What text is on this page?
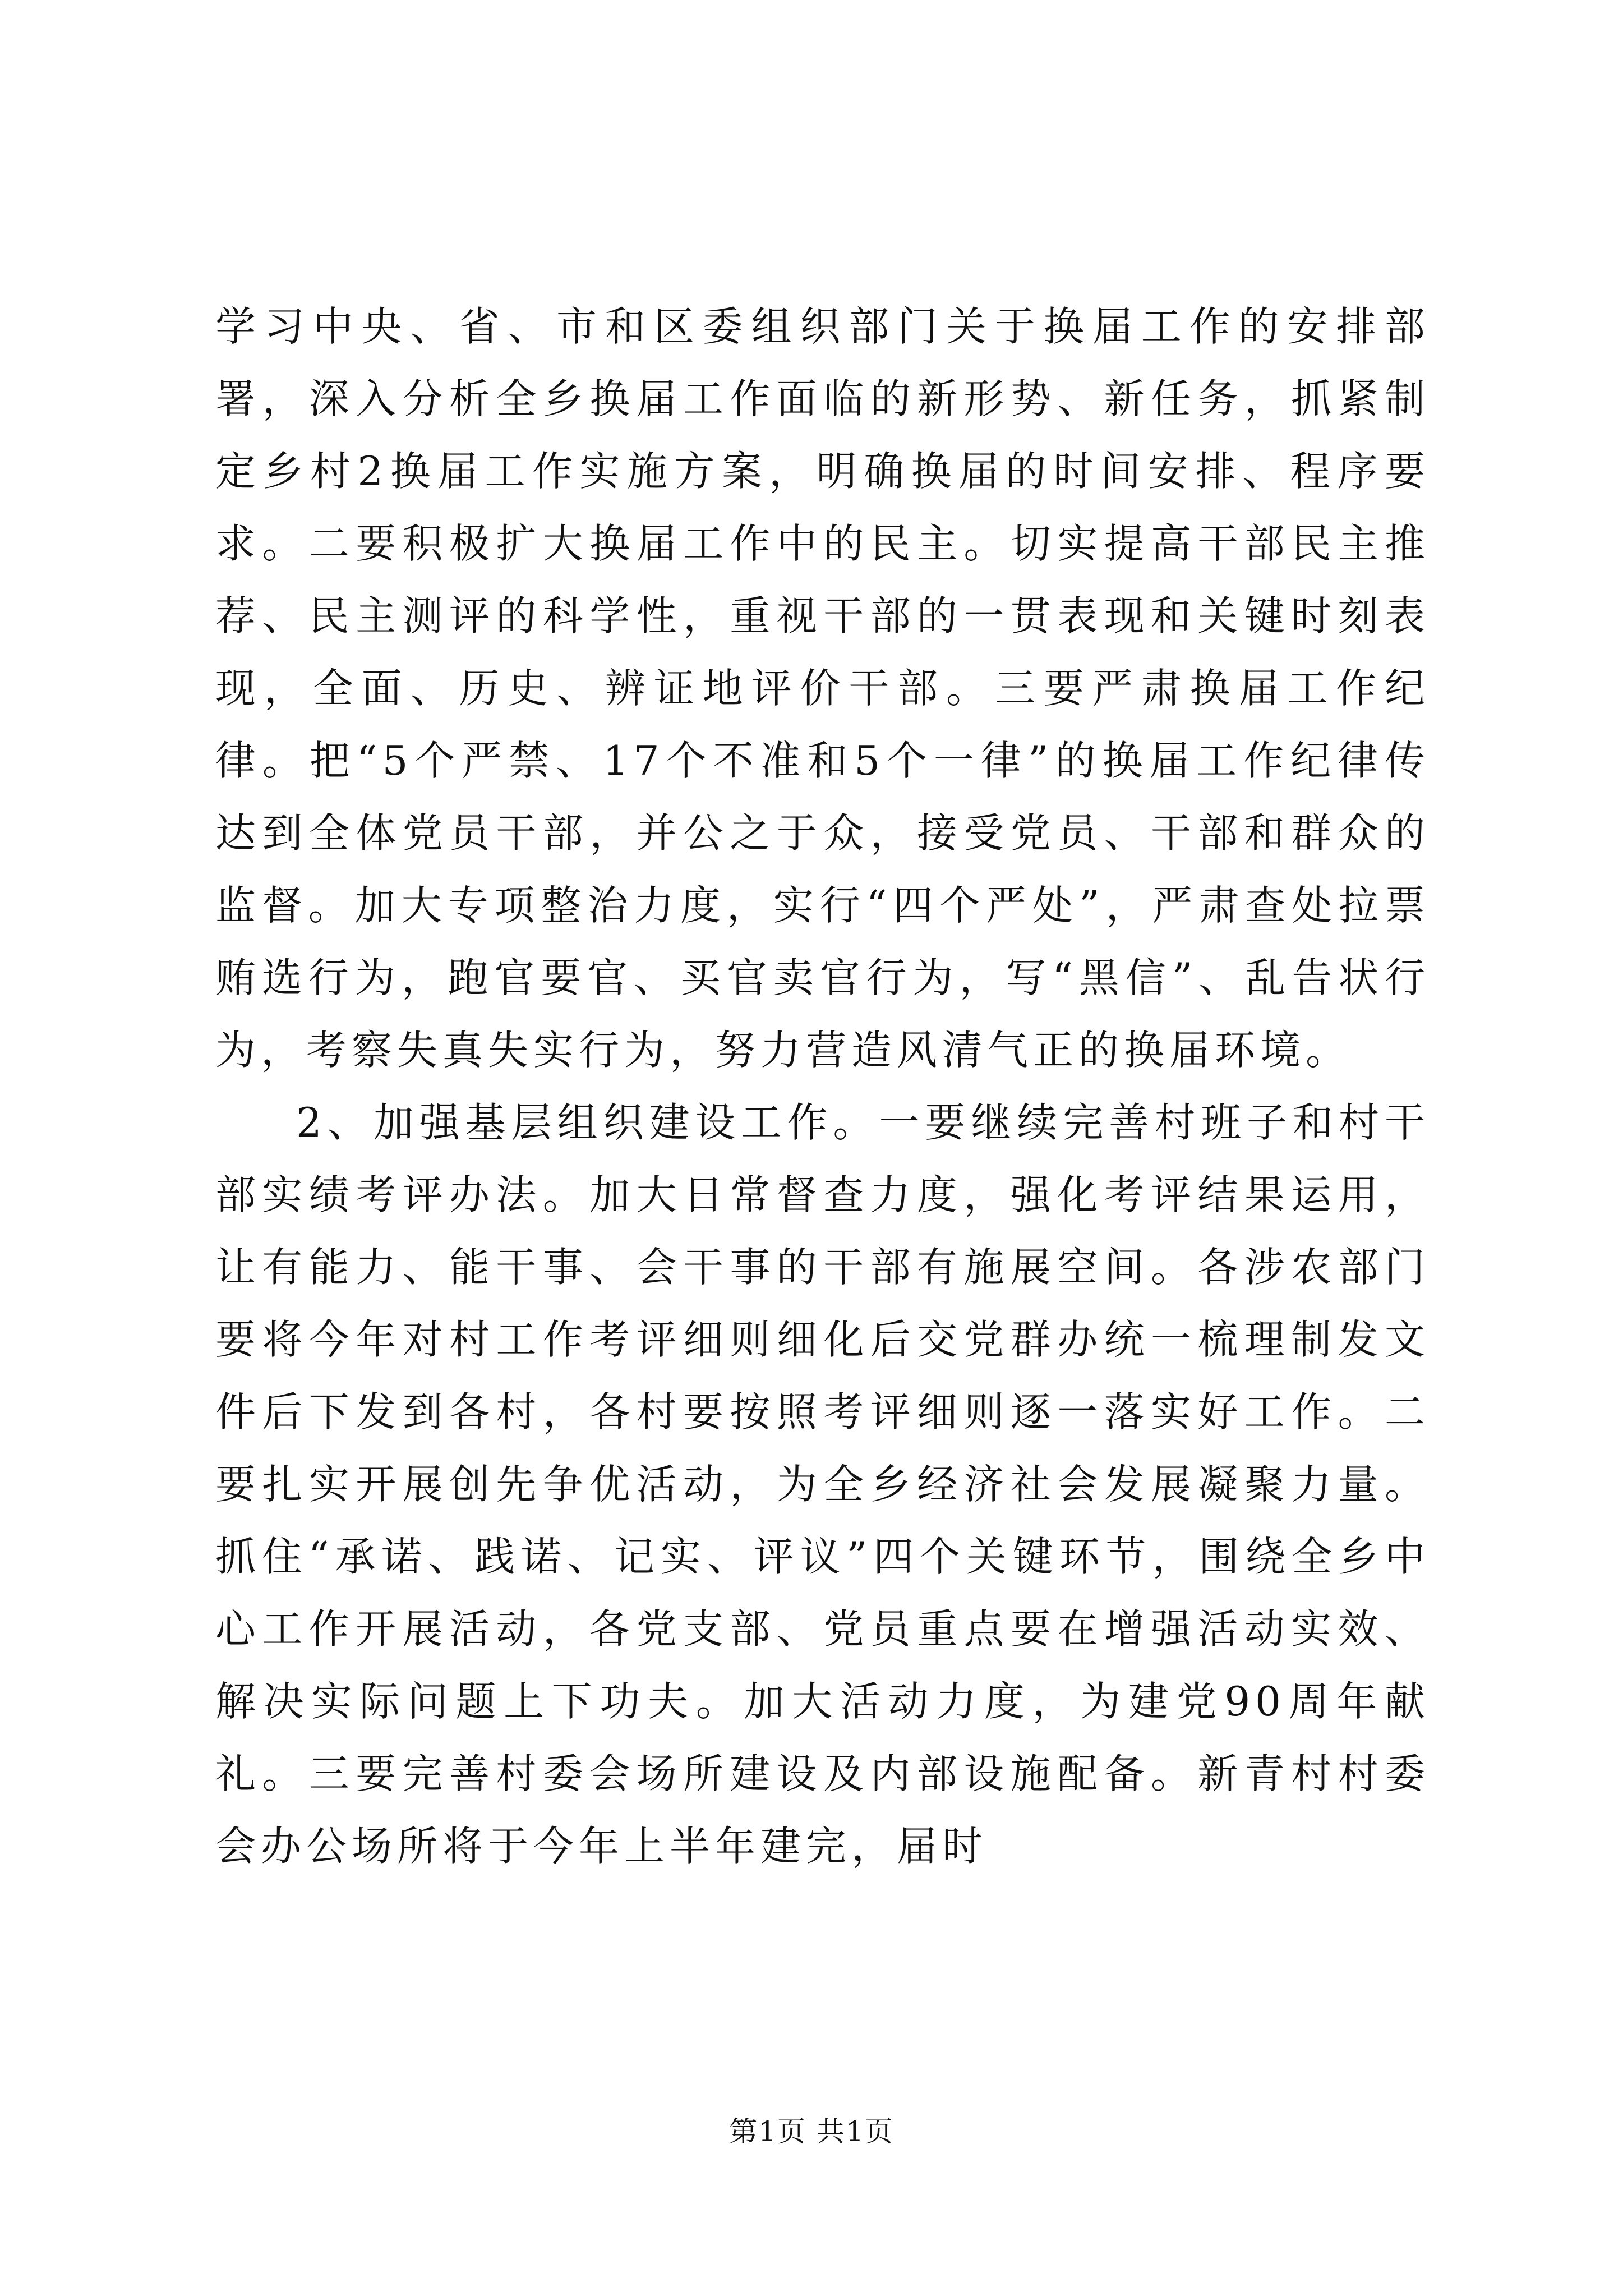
学习中央、省、市和区委组织部门关于换届工作的安排部署，深入分析全乡换届工作面临的新形势、新任务，抓紧制定乡村2换届工作实施方案，明确换届的时间安排、程序要求。二要积极扩大换届工作中的民主。切实提高干部民主推荐、民主测评的科学性，重视干部的一贯表现和关键时刻表现，全面、历史、辨证地评价干部。三要严肃换届工作纪律。把“5个严禁、17个不准和5个一律”的换届工作纪律传达到全体党员干部，并公之于众，接受党员、干部和群众的监督。加大专项整治力度，实行“四个严处”，严肃查处拉票贿选行为，跑官要官、买官卖官行为，写“黑信”、乱告状行为，考察失真失实行为，努力营造风清气正的换届环境。

2、加强基层组织建设工作。一要继续完善村班子和村干部实绩考评办法。加大日常督查力度，强化考评结果运用，让有能力、能干事、会干事的干部有施展空间。各涉农部门要将今年对村工作考评细则细化后交党群办统一梳理制发文件后下发到各村，各村要按照考评细则逐一落实好工作。二要扎实开展创先争优活动，为全乡经济社会发展凝聚力量。抓住“承诺、践诺、记实、评议”四个关键环节，围绕全乡中心工作开展活动，各党支部、党员重点要在增强活动实效、解决实际问题上下功夫。加大活动力度，为建党90周年献礼。三要完善村委会场所建设及内部设施配备。新青村村委会办公场所将于今年上半年建完，届时

第1页 共1页
